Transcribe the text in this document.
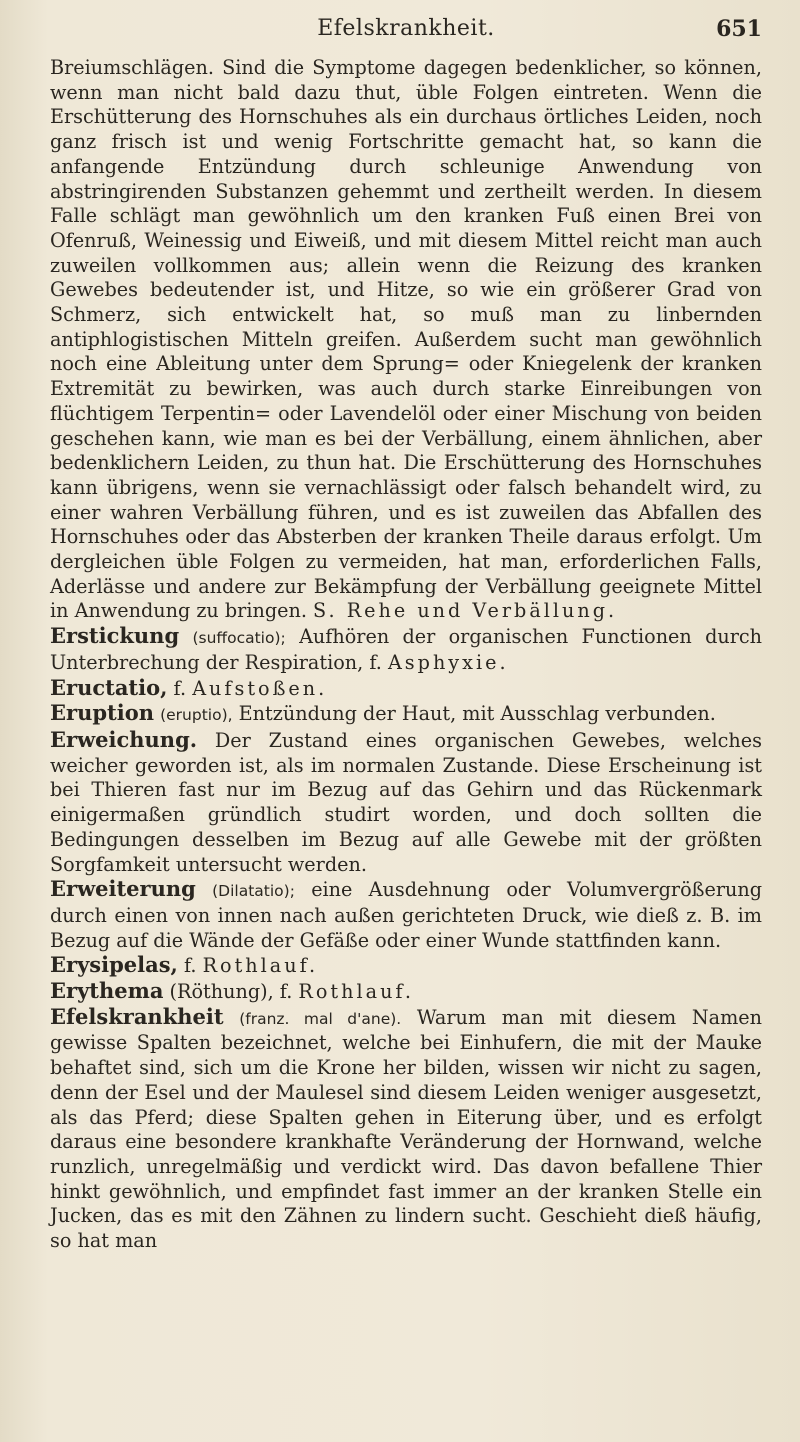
Efelskrankheit.	651

Breiumschlägen. Sind die Symptome dagegen bedenklicher, so können, wenn man nicht bald dazu thut, üble Folgen eintreten. Wenn die Erschütterung des Hornschuhes als ein durchaus örtliches Leiden, noch ganz frisch ist und wenig Fortschritte gemacht hat, so kann die anfangende Entzündung durch schleunige Anwendung von abstringirenden Substanzen gehemmt und zertheilt werden. In diesem Falle schlägt man gewöhnlich um den kranken Fuß einen Brei von Ofenruß, Weinessig und Eiweiß, und mit diesem Mittel reicht man auch zuweilen vollkommen aus; allein wenn die Reizung des kranken Gewebes bedeutender ist, und Hitze, so wie ein größerer Grad von Schmerz, sich entwickelt hat, so muß man zu linbernden antiphlogistischen Mitteln greifen. Außerdem sucht man gewöhnlich noch eine Ableitung unter dem Sprung= oder Kniegelenk der kranken Extremität zu bewirken, was auch durch starke Einreibungen von flüchtigem Terpentin= oder Lavendelöl oder einer Mischung von beiden geschehen kann, wie man es bei der Verbällung, einem ähnlichen, aber bedenklichern Leiden, zu thun hat. Die Erschütterung des Hornschuhes kann übrigens, wenn sie vernachlässigt oder falsch behandelt wird, zu einer wahren Verbällung führen, und es ist zuweilen das Abfallen des Hornschuhes oder das Absterben der kranken Theile daraus erfolgt. Um dergleichen üble Folgen zu vermeiden, hat man, erforderlichen Falls, Aderlässe und andere zur Bekämpfung der Verbällung geeignete Mittel in Anwendung zu bringen. S. Rehe und Verbällung.

Erstickung (suffocatio); Aufhören der organischen Functionen durch Unterbrechung der Respiration, f. Asphyxie.

Eructatio, f. Aufstoßen.

Eruption (eruptio), Entzündung der Haut, mit Ausschlag verbunden.

Erweichung. Der Zustand eines organischen Gewebes, welches weicher geworden ist, als im normalen Zustande. Diese Erscheinung ist bei Thieren fast nur im Bezug auf das Gehirn und das Rückenmark einigermaßen gründlich studirt worden, und doch sollten die Bedingungen desselben im Bezug auf alle Gewebe mit der größten Sorgfamkeit untersucht werden.

Erweiterung (Dilatatio); eine Ausdehnung oder Volumvergrößerung durch einen von innen nach außen gerichteten Druck, wie dieß z. B. im Bezug auf die Wände der Gefäße oder einer Wunde stattfinden kann.

Erysipelas, f. Rothlauf.

Erythema (Röthung), f. Rothlauf.

Efelskrankheit (franz. mal d'ane). Warum man mit diesem Namen gewisse Spalten bezeichnet, welche bei Einhufern, die mit der Mauke behaftet sind, sich um die Krone her bilden, wissen wir nicht zu sagen, denn der Esel und der Maulesel sind diesem Leiden weniger ausgesetzt, als das Pferd; diese Spalten gehen in Eiterung über, und es erfolgt daraus eine besondere krankhafte Veränderung der Hornwand, welche runzlich, unregelmäßig und verdickt wird. Das davon befallene Thier hinkt gewöhnlich, und empfindet fast immer an der kranken Stelle ein Jucken, das es mit den Zähnen zu lindern sucht. Geschieht dieß häufig, so hat man
